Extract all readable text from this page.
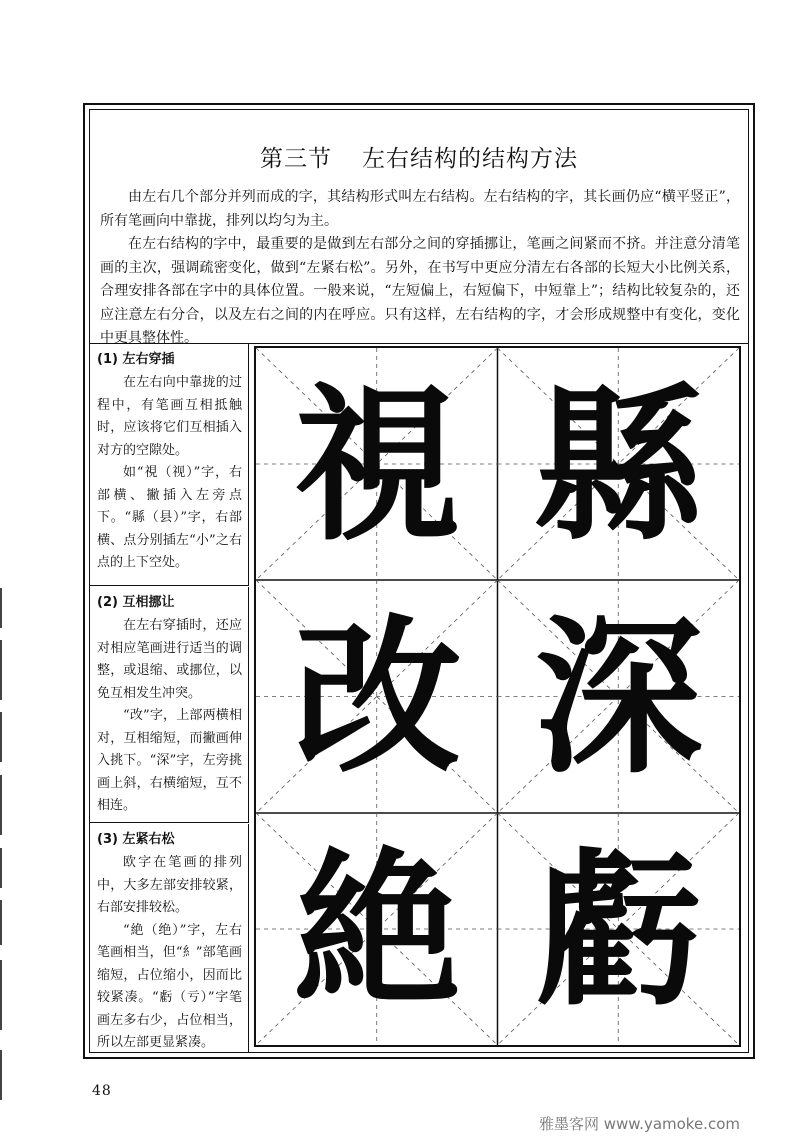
第三节 左右结构的结构方法

由左右几个部分并列而成的字，其结构形式叫左右结构。左右结构的字，其长画仍应“横平竖正”，所有笔画向中靠拢，排列以均匀为主。

在左右结构的字中，最重要的是做到左右部分之间的穿插挪让，笔画之间紧而不挤。并注意分清笔画的主次，强调疏密变化，做到“左紧右松”。另外，在书写中更应分清左右各部的长短大小比例关系，合理安排各部在字中的具体位置。一般来说，“左短偏上，右短偏下，中短靠上”；结构比较复杂的，还应注意左右分合，以及左右之间的内在呼应。只有这样，左右结构的字，才会形成规整中有变化，变化中更具整体性。

(1) 左右穿插

在左右向中靠拢的过程中，有笔画互相抵触时，应该将它们互相插入对方的空隙处。

如“視（视）”字，右部横、撇插入左旁点下。“縣（县）”字，右部横、点分别插左“小”之右点的上下空处。

(2) 互相挪让

在左右穿插时，还应对相应笔画进行适当的调整，或退缩、或挪位，以免互相发生冲突。

“改”字，上部两横相对，互相缩短，而撇画伸入挑下。“深”字，左旁挑画上斜，右横缩短，互不相连。

(3) 左紧右松

欧字在笔画的排列中，大多左部安排较紧，右部安排较松。

“絶（绝）”字，左右笔画相当，但“糹”部笔画缩短，占位缩小，因而比较紧凑。“虧（亏）”字笔画左多右少，占位相当，所以左部更显紧凑。

視 縣
改 深
絶 虧
48
雅墨客网 www.yamoke.com
